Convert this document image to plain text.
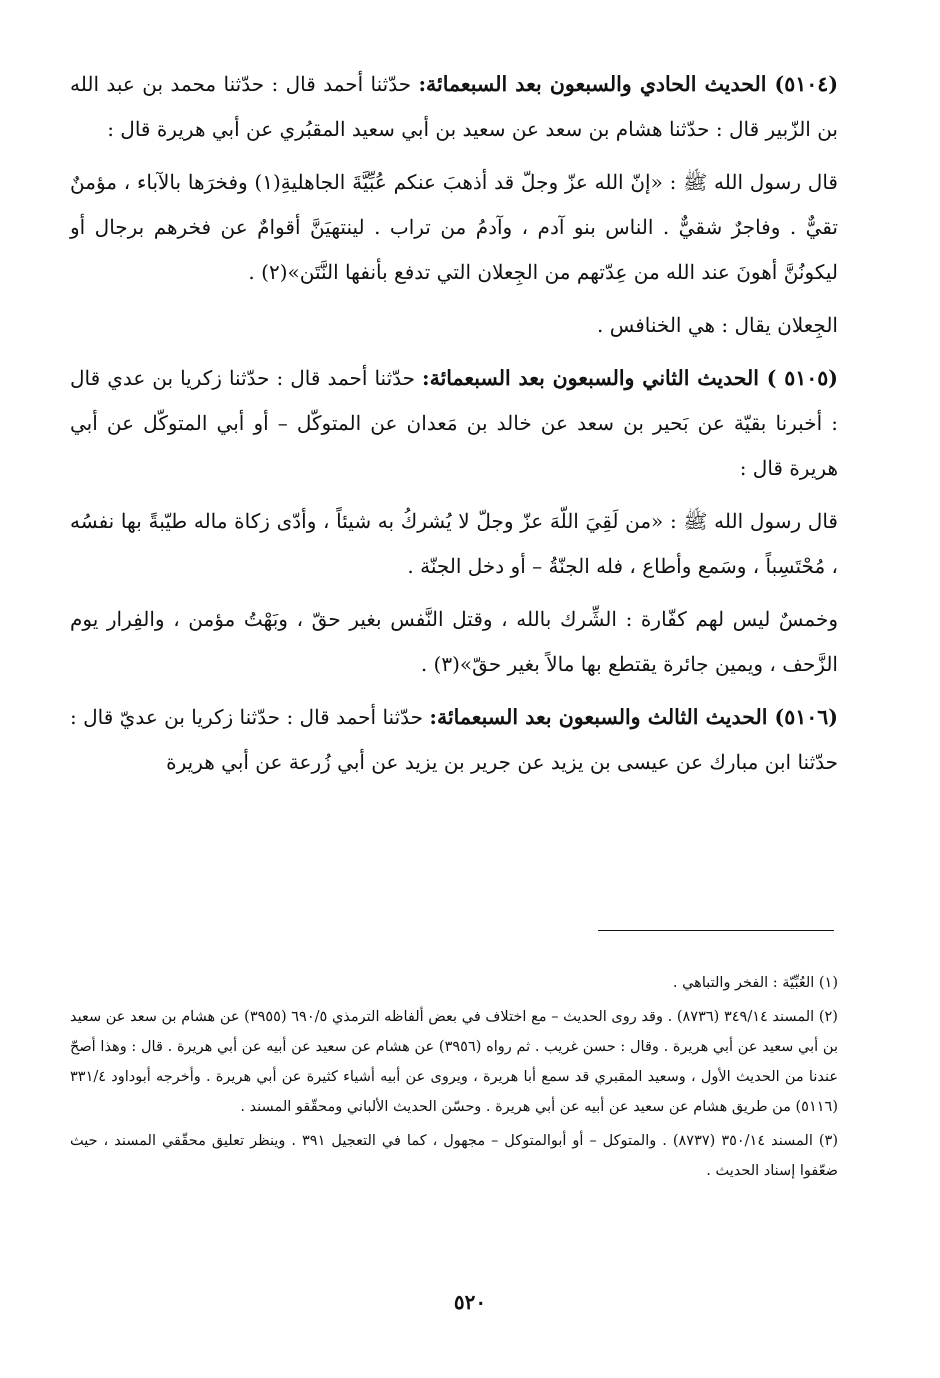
(٥١٠٤) الحديث الحادي والسبعون بعد السبعمائة: حدّثنا أحمد قال : حدّثنا محمد بن عبد الله بن الزّبير قال : حدّثنا هشام بن سعد عن سعيد بن أبي سعيد المقبُري عن أبي هريرة قال :

قال رسول الله ﷺ : «إنّ الله عزّ وجلّ قد أذهبَ عنكم عُبِّيَّةَ الجاهليةِ(١) وفخرَها بالآباء ، مؤمنٌ تقيٌّ . وفاجرٌ شقيٌّ . الناس بنو آدم ، وآدمُ من تراب . لينتهيَنَّ أقوامٌ عن فخرهم برجال أو ليكونُنَّ أهونَ عند الله من عِدّتهم من الجِعلان التي تدفع بأنفها النَّتَن»(٢) .

الجِعلان يقال : هي الخنافس .

(٥١٠٥ ) الحديث الثاني والسبعون بعد السبعمائة: حدّثنا أحمد قال : حدّثنا زكريا بن عدي قال : أخبرنا بقيّة عن بَحير بن سعد عن خالد بن مَعدان عن المتوكّل – أو أبي المتوكّل عن أبي هريرة قال :

قال رسول الله ﷺ : «من لَقِيَ اللّهَ عزّ وجلّ لا يُشركُ به شيئاً ، وأدّى زكاة ماله طيّبةً بها نفسُه ، مُحْتَسِباً ، وسَمع وأطاع ، فله الجنّةُ – أو دخل الجنّة .

وخمسٌ ليس لهم كفّارة : الشِّرك بالله ، وقتل النَّفس بغير حقّ ، وبَهْتُ مؤمن ، والفِرار يوم الزَّحف ، ويمين جائرة يقتطع بها مالاً بغير حقّ»(٣) .

(٥١٠٦) الحديث الثالث والسبعون بعد السبعمائة: حدّثنا أحمد قال : حدّثنا زكريا بن عديّ قال : حدّثنا ابن مبارك عن عيسى بن يزيد عن جرير بن يزيد عن أبي زُرعة عن أبي هريرة

(١) العُبِّيّة : الفخر والتباهي .

(٢) المسند ٣٤٩/١٤ (٨٧٣٦) . وقد روى الحديث – مع اختلاف في بعض ألفاظه الترمذي ٦٩٠/٥ (٣٩٥٥) عن هشام بن سعد عن سعيد بن أبي سعيد عن أبي هريرة . وقال : حسن غريب . ثم رواه (٣٩٥٦) عن هشام عن سعيد عن أبيه عن أبي هريرة . قال : وهذا أصحّ عندنا من الحديث الأول ، وسعيد المقبري قد سمع أبا هريرة ، ويروى عن أبيه أشياء كثيرة عن أبي هريرة . وأخرجه أبوداود ٣٣١/٤ (٥١١٦) من طريق هشام عن سعيد عن أبيه عن أبي هريرة . وحسّن الحديث الألباني ومحقّقو المسند .

(٣) المسند ٣٥٠/١٤ (٨٧٣٧) . والمتوكل – أو أبوالمتوكل – مجهول ، كما في التعجيل ٣٩١ . وينظر تعليق محقّقي المسند ، حيث ضعّفوا إسناد الحديث .

٥٢٠
